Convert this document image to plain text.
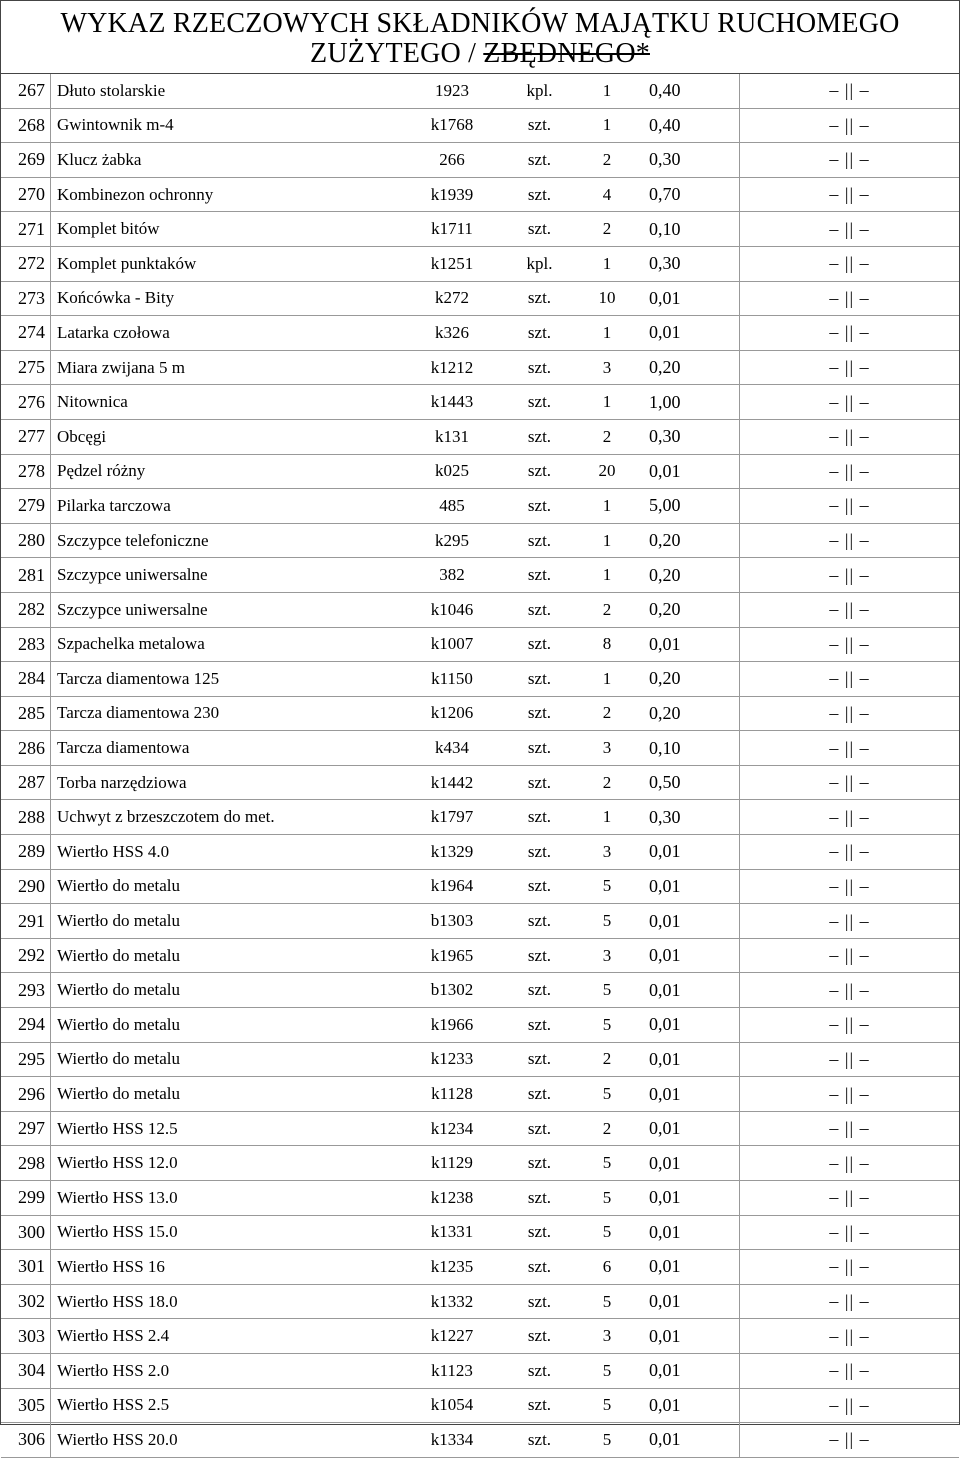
WYKAZ RZECZOWYCH SKŁADNIKÓW MAJĄTKU RUCHOMEGO
ZUŻYTEGO / ZBĘDNEGO*
267	Dłuto stolarskie	1923	kpl.	1	0,40	– || –
268	Gwintownik m-4	k1768	szt.	1	0,40	– || –
269	Klucz żabka	266	szt.	2	0,30	– || –
270	Kombinezon ochronny	k1939	szt.	4	0,70	– || –
271	Komplet bitów	k1711	szt.	2	0,10	– || –
272	Komplet punktaków	k1251	kpl.	1	0,30	– || –
273	Końcówka - Bity	k272	szt.	10	0,01	– || –
274	Latarka czołowa	k326	szt.	1	0,01	– || –
275	Miara zwijana 5 m	k1212	szt.	3	0,20	– || –
276	Nitownica	k1443	szt.	1	1,00	– || –
277	Obcęgi	k131	szt.	2	0,30	– || –
278	Pędzel różny	k025	szt.	20	0,01	– || –
279	Pilarka tarczowa	485	szt.	1	5,00	– || –
280	Szczypce telefoniczne	k295	szt.	1	0,20	– || –
281	Szczypce uniwersalne	382	szt.	1	0,20	– || –
282	Szczypce uniwersalne	k1046	szt.	2	0,20	– || –
283	Szpachelka metalowa	k1007	szt.	8	0,01	– || –
284	Tarcza diamentowa 125	k1150	szt.	1	0,20	– || –
285	Tarcza diamentowa 230	k1206	szt.	2	0,20	– || –
286	Tarcza diamentowa	k434	szt.	3	0,10	– || –
287	Torba narzędziowa	k1442	szt.	2	0,50	– || –
288	Uchwyt z brzeszczotem do met.	k1797	szt.	1	0,30	– || –
289	Wiertło HSS 4.0	k1329	szt.	3	0,01	– || –
290	Wiertło do metalu	k1964	szt.	5	0,01	– || –
291	Wiertło do metalu	b1303	szt.	5	0,01	– || –
292	Wiertło do metalu	k1965	szt.	3	0,01	– || –
293	Wiertło do metalu	b1302	szt.	5	0,01	– || –
294	Wiertło do metalu	k1966	szt.	5	0,01	– || –
295	Wiertło do metalu	k1233	szt.	2	0,01	– || –
296	Wiertło do metalu	k1128	szt.	5	0,01	– || –
297	Wiertło HSS 12.5	k1234	szt.	2	0,01	– || –
298	Wiertło HSS 12.0	k1129	szt.	5	0,01	– || –
299	Wiertło HSS 13.0	k1238	szt.	5	0,01	– || –
300	Wiertło HSS 15.0	k1331	szt.	5	0,01	– || –
301	Wiertło HSS 16	k1235	szt.	6	0,01	– || –
302	Wiertło HSS 18.0	k1332	szt.	5	0,01	– || –
303	Wiertło HSS 2.4	k1227	szt.	3	0,01	– || –
304	Wiertło HSS 2.0	k1123	szt.	5	0,01	– || –
305	Wiertło HSS 2.5	k1054	szt.	5	0,01	– || –
306	Wiertło HSS 20.0	k1334	szt.	5	0,01	– || –
